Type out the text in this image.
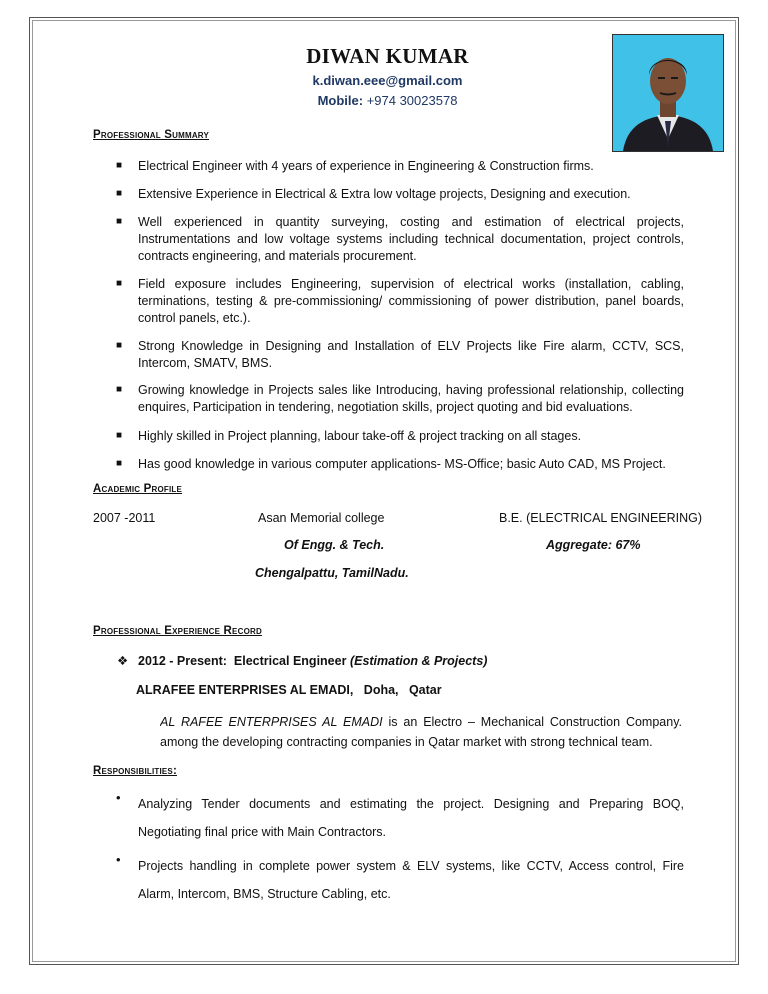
DIWAN KUMAR
k.diwan.eee@gmail.com
Mobile: +974 30023578
Professional Summary
■ Electrical Engineer with 4 years of experience in Engineering & Construction firms.
■ Extensive Experience in Electrical & Extra low voltage projects, Designing and execution.
■ Well experienced in quantity surveying, costing and estimation of electrical projects,
Instrumentations and low voltage systems including technical documentation, project controls,
contracts engineering, and materials procurement.
■ Field exposure includes Engineering, supervision of electrical works (installation, cabling,
terminations, testing & pre-commissioning/ commissioning of power distribution, panel boards,
control panels, etc.).
■ Strong Knowledge in Designing and Installation of ELV Projects like Fire alarm, CCTV, SCS,
Intercom, SMATV, BMS.
■ Growing knowledge in Projects sales like Introducing, having professional relationship, collecting
enquires, Participation in tendering, negotiation skills, project quoting and bid evaluations.
■ Highly skilled in Project planning, labour take-off & project tracking on all stages.
■ Has good knowledge in various computer applications- MS-Office; basic Auto CAD, MS Project.
Academic Profile
2007 -2011	Asan Memorial college
Of Engg. & Tech.
Chengalpattu, TamilNadu.
B.E. (ELECTRICAL ENGINEERING)
Aggregate: 67%
Professional Experience Record
❖ 2012 - Present: Electrical Engineer (Estimation & Projects)
ALRAFEE ENTERPRISES AL EMADI,   Doha,   Qatar
AL RAFEE ENTERPRISES AL EMADI is an Electro – Mechanical Construction Company.
among the developing contracting companies in Qatar market with strong technical team.
Responsibilities:
• Analyzing Tender documents and estimating the project. Designing and Preparing BOQ,
Negotiating final price with Main Contractors.
• Projects handling in complete power system & ELV systems, like CCTV, Access control, Fire
Alarm, Intercom, BMS, Structure Cabling, etc.
